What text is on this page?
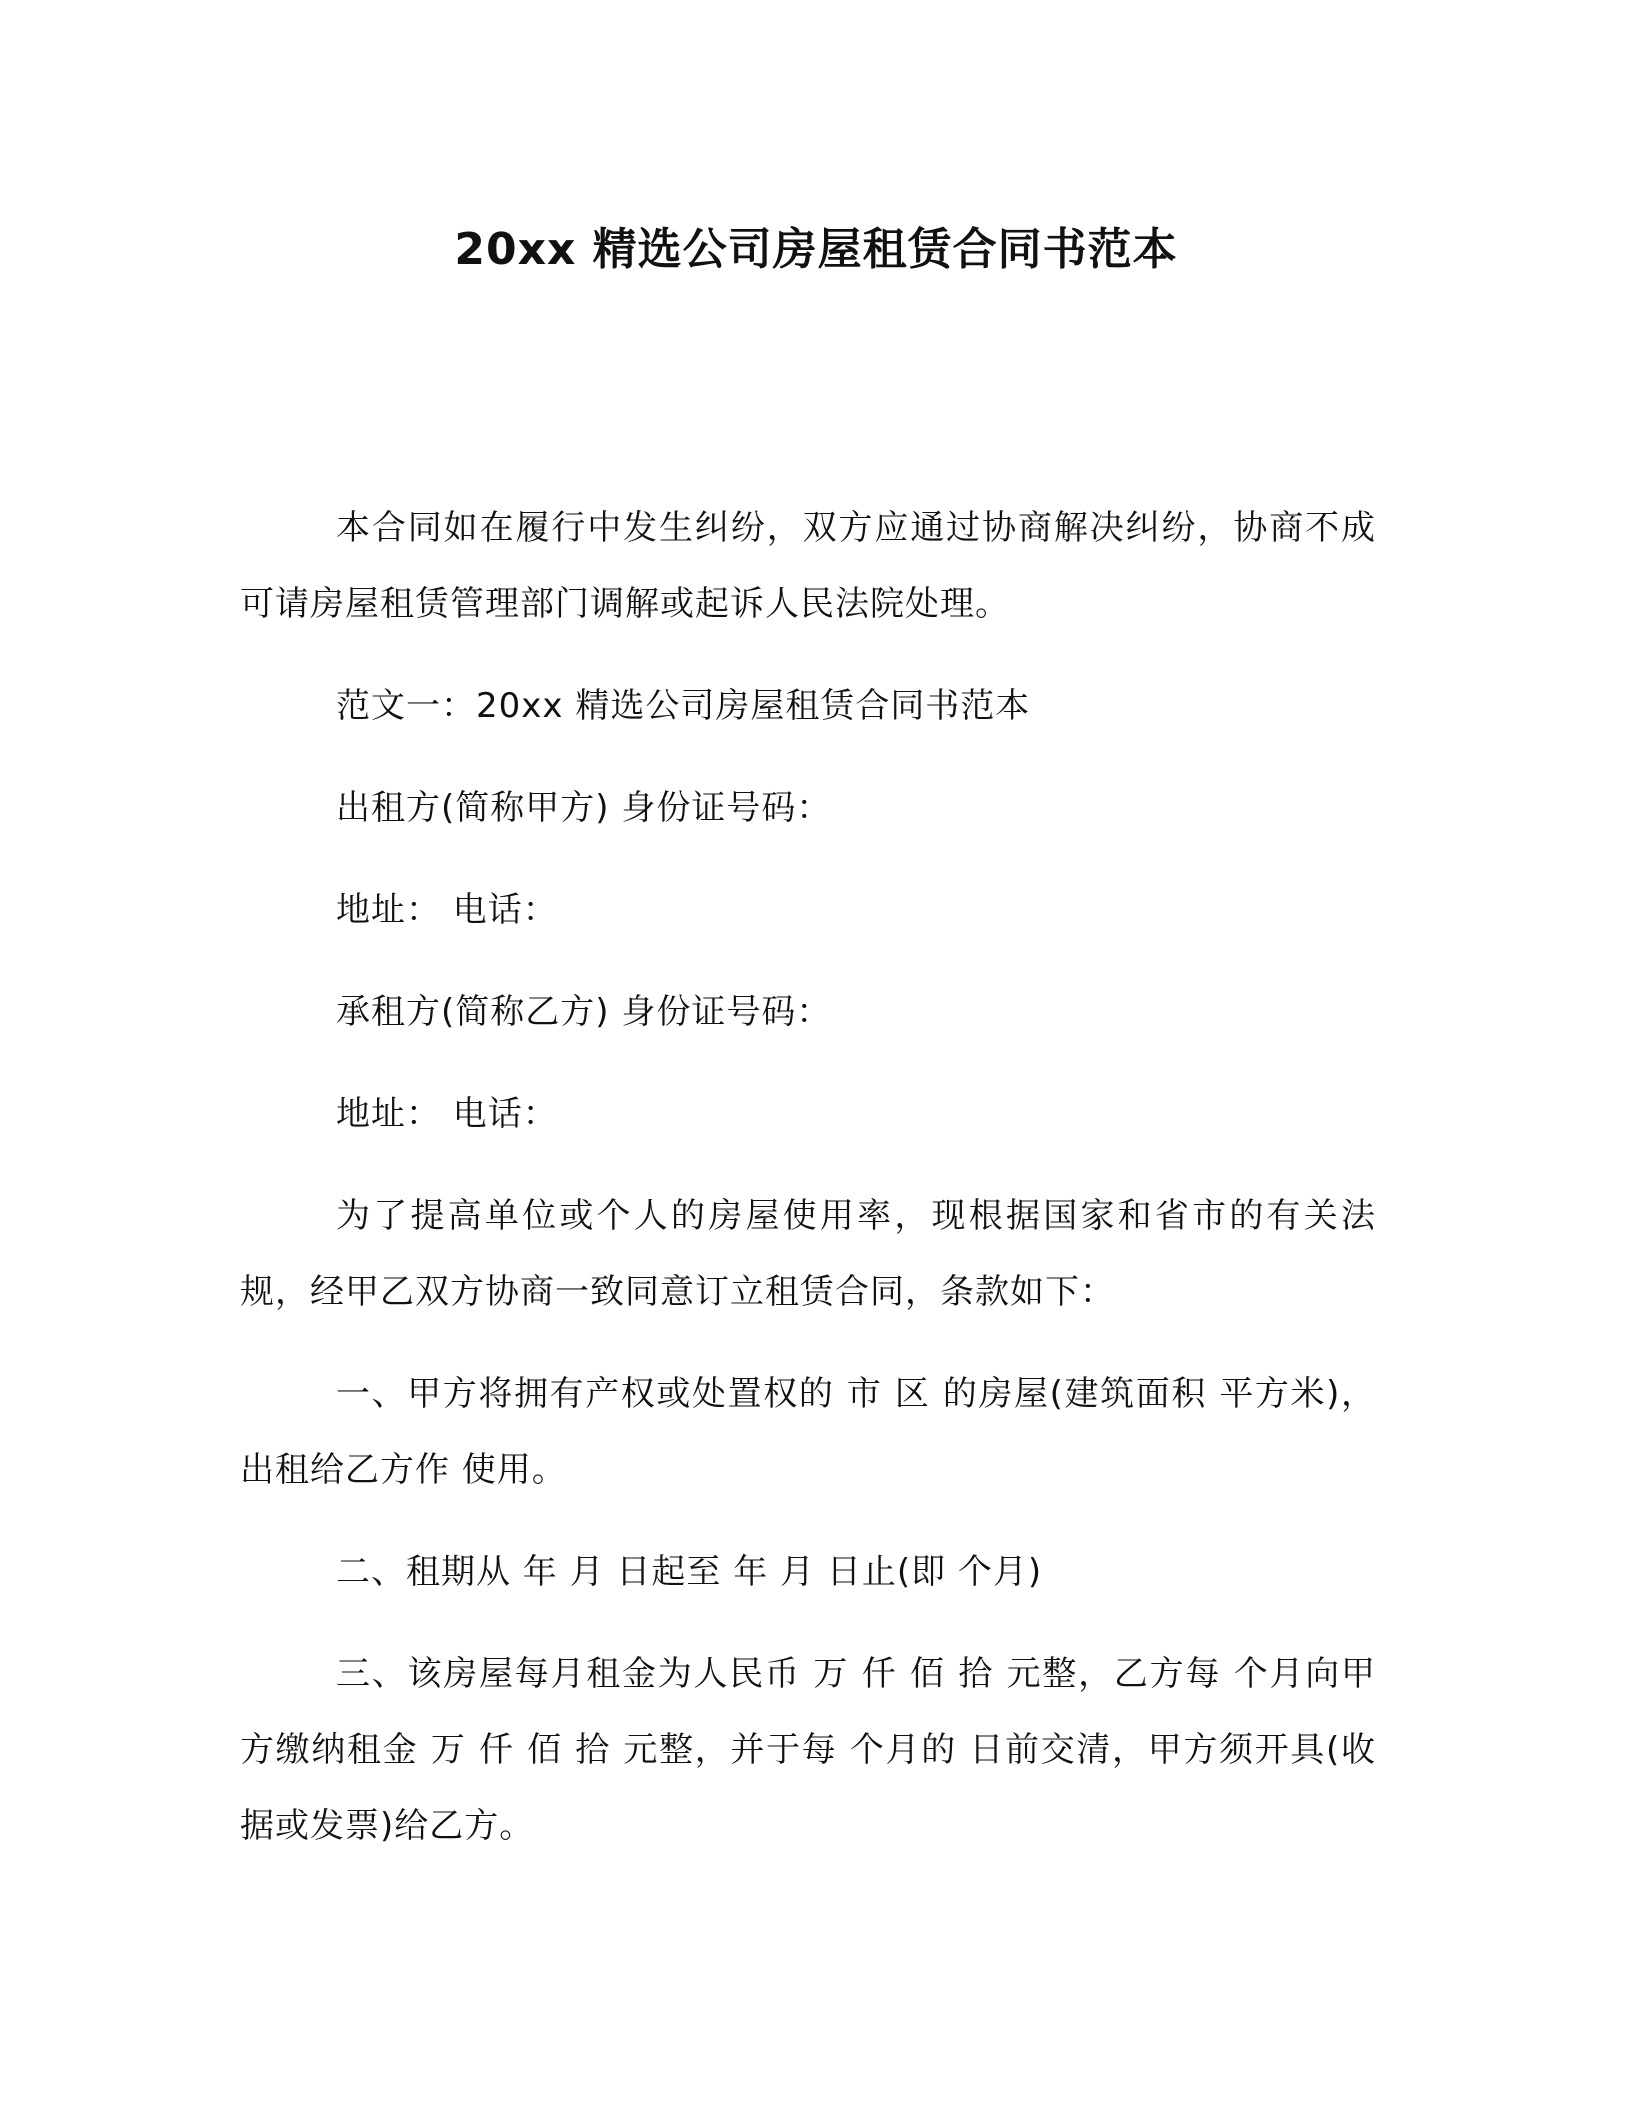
20xx 精选公司房屋租赁合同书范本

本合同如在履行中发生纠纷，双方应通过协商解决纠纷，协商不成可请房屋租赁管理部门调解或起诉人民法院处理。

范文一：20xx 精选公司房屋租赁合同书范本

出租方(简称甲方) 身份证号码：

地址： 电话：

承租方(简称乙方) 身份证号码：

地址： 电话：

为了提高单位或个人的房屋使用率，现根据国家和省市的有关法规，经甲乙双方协商一致同意订立租赁合同，条款如下：

一、甲方将拥有产权或处置权的 市 区 的房屋(建筑面积 平方米)，出租给乙方作 使用。

二、租期从 年 月 日起至 年 月 日止(即 个月)

三、该房屋每月租金为人民币 万 仟 佰 拾 元整，乙方每 个月向甲方缴纳租金 万 仟 佰 拾 元整，并于每 个月的 日前交清，甲方须开具(收据或发票)给乙方。
